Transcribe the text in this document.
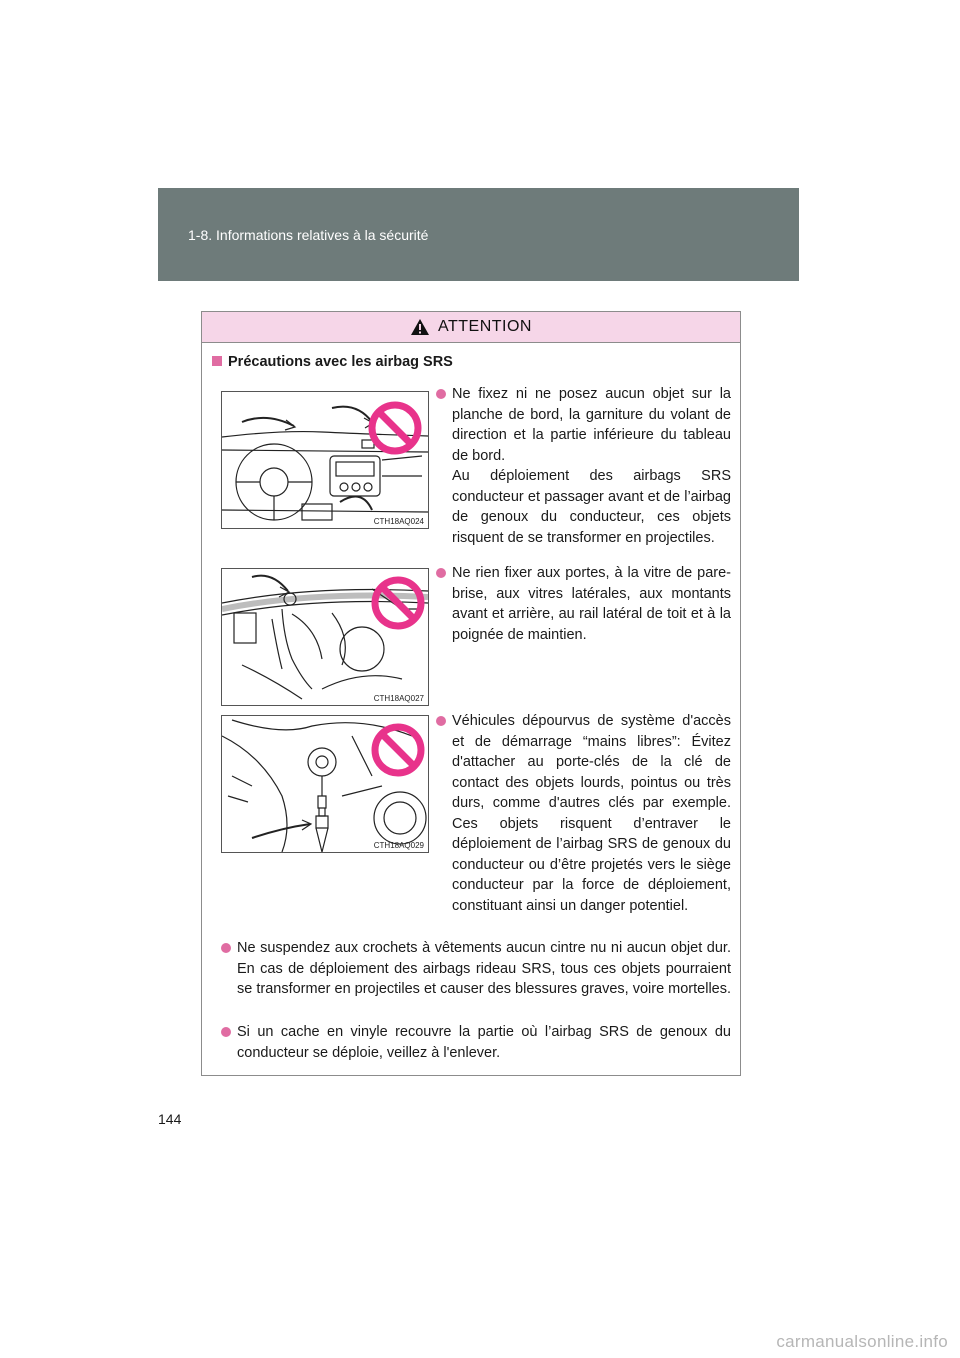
1-8. Informations relatives à la sécurité
ATTENTION
Précautions avec les airbag SRS
CTH18AQ024
CTH18AQ027
CTH18AQ029
Ne fixez ni ne posez aucun objet sur la planche de bord, la garniture du volant de direction et la partie inférieure du tableau de bord.
Au déploiement des airbags SRS conducteur et passager avant et de l’airbag de genoux du conducteur, ces objets risquent de se transformer en projectiles.
Ne rien fixer aux portes, à la vitre de pare-brise, aux vitres latérales, aux montants avant et arrière, au rail latéral de toit et à la poignée de maintien.
Véhicules dépourvus de système d'accès et de démarrage “mains libres”: Évitez d'attacher au porte-clés de la clé de contact des objets lourds, pointus ou très durs, comme d'autres clés par exemple. Ces objets risquent d’entraver le déploiement de l’airbag SRS de genoux du conducteur ou d’être projetés vers le siège conducteur par la force de déploiement, constituant ainsi un danger potentiel.
Ne suspendez aux crochets à vêtements aucun cintre nu ni aucun objet dur. En cas de déploiement des airbags rideau SRS, tous ces objets pourraient se transformer en projectiles et causer des blessures graves, voire mortelles.
Si un cache en vinyle recouvre la partie où l’airbag SRS de genoux du conducteur se déploie, veillez à l'enlever.
144
carmanualsonline.info
